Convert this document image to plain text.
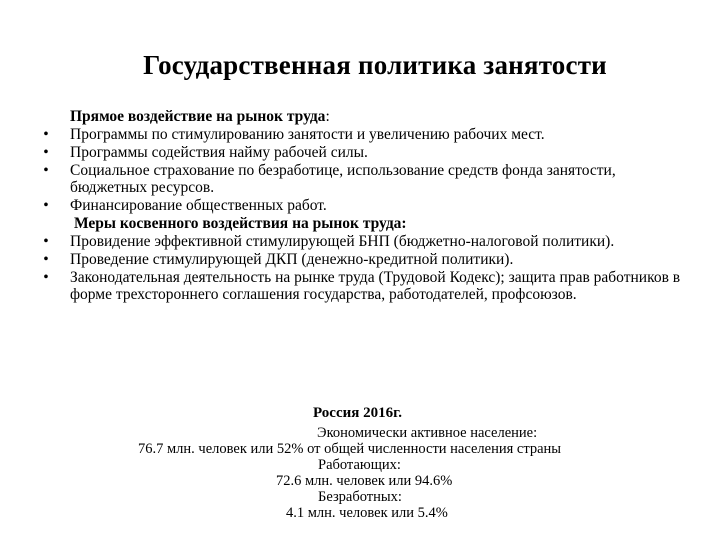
Государственная политика занятости
Прямое воздействие на рынок труда:
• Программы по стимулированию занятости и увеличению рабочих мест.
• Программы содействия найму рабочей силы.
• Социальное страхование по безработице, использование средств фонда занятости, бюджетных ресурсов.
• Финансирование общественных работ.
Меры косвенного воздействия на рынок труда:
• Провидение эффективной стимулирующей БНП (бюджетно-налоговой политики).
• Проведение стимулирующей ДКП (денежно-кредитной политики).
• Законодательная деятельность на рынке труда (Трудовой Кодекс); защита прав работников в форме трехстороннего соглашения государства, работодателей, профсоюзов.
Россия 2016г.
Экономически активное население:
76.7 млн. человек или 52% от общей численности населения страны
Работающих:
72.6 млн. человек или 94.6%
Безработных:
4.1 млн. человек или 5.4%
